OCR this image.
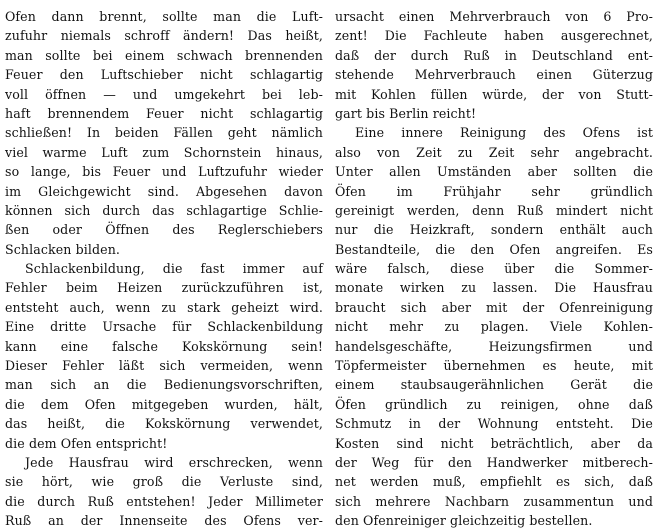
Ofen dann brennt, sollte man die Luft-
zufuhr niemals schroff ändern! Das heißt,
man sollte bei einem schwach brennenden
Feuer den Luftschieber nicht schlagartig
voll öffnen — und umgekehrt bei leb-
haft brennendem Feuer nicht schlagartig
schließen! In beiden Fällen geht nämlich
viel warme Luft zum Schornstein hinaus,
so lange, bis Feuer und Luftzufuhr wieder
im Gleichgewicht sind. Abgesehen davon
können sich durch das schlagartige Schlie-
ßen oder Öffnen des Reglerschiebers
Schlacken bilden.
Schlackenbildung, die fast immer auf
Fehler beim Heizen zurückzuführen ist,
entsteht auch, wenn zu stark geheizt wird.
Eine dritte Ursache für Schlackenbildung
kann eine falsche Kokskörnung sein!
Dieser Fehler läßt sich vermeiden, wenn
man sich an die Bedienungsvorschriften,
die dem Ofen mitgegeben wurden, hält,
das heißt, die Kokskörnung verwendet,
die dem Ofen entspricht!
Jede Hausfrau wird erschrecken, wenn
sie hört, wie groß die Verluste sind,
die durch Ruß entstehen! Jeder Millimeter
Ruß an der Innenseite des Ofens ver-
ursacht einen Mehrverbrauch von 6 Pro-
zent! Die Fachleute haben ausgerechnet,
daß der durch Ruß in Deutschland ent-
stehende Mehrverbrauch einen Güterzug
mit Kohlen füllen würde, der von Stutt-
gart bis Berlin reicht!
Eine innere Reinigung des Ofens ist
also von Zeit zu Zeit sehr angebracht.
Unter allen Umständen aber sollten die
Öfen im Frühjahr sehr gründlich
gereinigt werden, denn Ruß mindert nicht
nur die Heizkraft, sondern enthält auch
Bestandteile, die den Ofen angreifen. Es
wäre falsch, diese über die Sommer-
monate wirken zu lassen. Die Hausfrau
braucht sich aber mit der Ofenreinigung
nicht mehr zu plagen. Viele Kohlen-
handelsgeschäfte, Heizungsfirmen und
Töpfermeister übernehmen es heute, mit
einem staubsaugerähnlichen Gerät die
Öfen gründlich zu reinigen, ohne daß
Schmutz in der Wohnung entsteht. Die
Kosten sind nicht beträchtlich, aber da
der Weg für den Handwerker mitberech-
net werden muß, empfiehlt es sich, daß
sich mehrere Nachbarn zusammentun und
den Ofenreiniger gleichzeitig bestellen.
